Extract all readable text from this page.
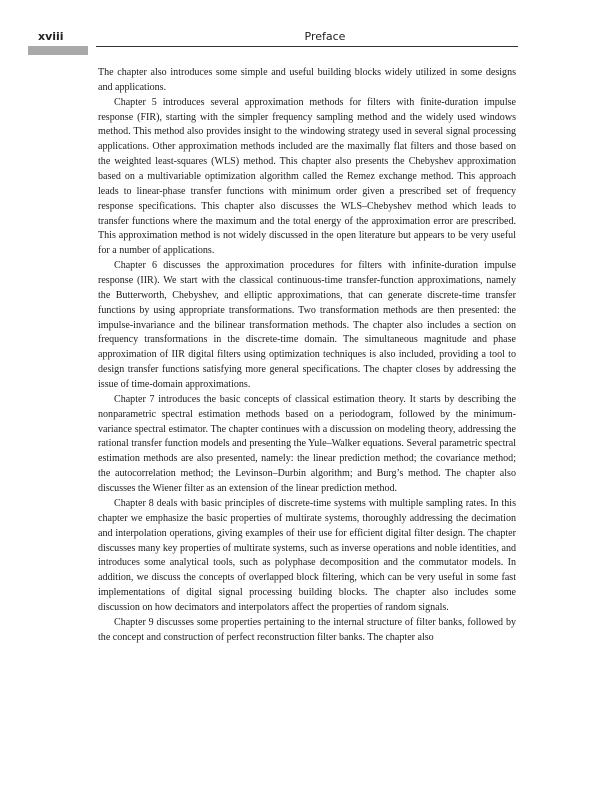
xviii	Preface

The chapter also introduces some simple and useful building blocks widely utilized in some designs and applications.

Chapter 5 introduces several approximation methods for filters with finite-duration impulse response (FIR), starting with the simpler frequency sampling method and the widely used windows method. This method also provides insight to the windowing strategy used in several signal processing applications. Other approximation methods included are the maximally flat filters and those based on the weighted least-squares (WLS) method. This chapter also presents the Chebyshev approximation based on a multivariable optimization algorithm called the Remez exchange method. This approach leads to linear-phase transfer functions with minimum order given a prescribed set of frequency response specifications. This chapter also discusses the WLS–Chebyshev method which leads to transfer functions where the maximum and the total energy of the approximation error are prescribed. This approximation method is not widely discussed in the open literature but appears to be very useful for a number of applications.

Chapter 6 discusses the approximation procedures for filters with infinite-duration impulse response (IIR). We start with the classical continuous-time transfer-function approximations, namely the Butterworth, Chebyshev, and elliptic approximations, that can generate discrete-time transfer functions by using appropriate transformations. Two transformation methods are then presented: the impulse-invariance and the bilinear transformation methods. The chapter also includes a section on frequency transformations in the discrete-time domain. The simultaneous magnitude and phase approximation of IIR digital filters using optimization techniques is also included, providing a tool to design transfer functions satisfying more general specifications. The chapter closes by addressing the issue of time-domain approximations.

Chapter 7 introduces the basic concepts of classical estimation theory. It starts by describing the nonparametric spectral estimation methods based on a periodogram, followed by the minimum-variance spectral estimator. The chapter continues with a discussion on modeling theory, addressing the rational transfer function models and presenting the Yule–Walker equations. Several parametric spectral estimation methods are also presented, namely: the linear prediction method; the covariance method; the autocorrelation method; the Levinson–Durbin algorithm; and Burg’s method. The chapter also discusses the Wiener filter as an extension of the linear prediction method.

Chapter 8 deals with basic principles of discrete-time systems with multiple sampling rates. In this chapter we emphasize the basic properties of multirate systems, thoroughly addressing the decimation and interpolation operations, giving examples of their use for efficient digital filter design. The chapter discusses many key properties of multirate systems, such as inverse operations and noble identities, and introduces some analytical tools, such as polyphase decomposition and the commutator models. In addition, we discuss the concepts of overlapped block filtering, which can be very useful in some fast implementations of digital signal processing building blocks. The chapter also includes some discussion on how decimators and interpolators affect the properties of random signals.

Chapter 9 discusses some properties pertaining to the internal structure of filter banks, followed by the concept and construction of perfect reconstruction filter banks. The chapter also
